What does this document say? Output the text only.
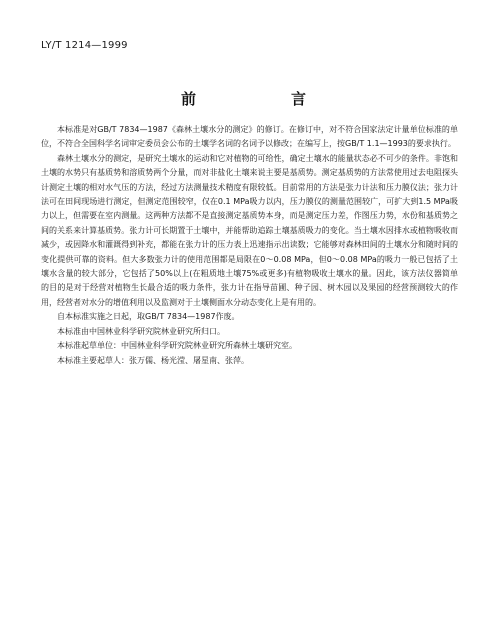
LY/T 1214—1999
前　言

本标准是对GB/T 7834—1987《森林土壤水分的测定》的修订。在修订中，对不符合国家法定计量单位标准的单位，不符合全国科学名词审定委员会公布的土壤学名词的名词予以修改；在编写上，按GB/T 1.1—1993的要求执行。

森林土壤水分的测定，是研究土壤水的运动和它对植物的可给性，确定土壤水的能量状态必不可少的条件。非饱和土壤的水势只有基质势和溶质势两个分量，而对非盐化土壤来说主要是基质势。测定基质势的方法常使用过去电阻探头计测定土壤的相对水气压的方法，经过方法测量技术精度有限较低。目前常用的方法是张力计法和压力膜仪法；张力计法可在田间现场进行测定，但测定范围较窄，仅在0.1 MPa吸力以内，压力膜仪的测量范围较广，可扩大到1.5 MPa吸力以上，但需要在室内测量。这两种方法都不是直接测定基质势本身，而是测定压力差，作图压力势，水份和基质势之间的关系来计算基质势。张力计可长期置于土壤中，并能帮助追踪土壤基质吸力的变化。当土壤水因排水或植物吸收而减少，或因降水和灌溉得到补充，都能在张力计的压力表上迅速指示出读数；它能够对森林田间的土壤水分和随时间的变化提供可靠的资料。但大多数张力计的使用范围都是局限在0～0.08 MPa，但0～0.08 MPa的吸力一般已包括了土壤水含量的较大部分，它包括了50%以上(在粗质地土壤75%或更多)有植物吸收土壤水的量。因此，该方法仪器简单的目的是对于经营对植物生长最合适的吸力条件，张力计在指导苗圃、种子园、树木园以及果园的经营预测较大的作用，经营者对水分的增值利用以及监测对于土壤侧面水分动态变化上是有用的。

自本标准实施之日起，取GB/T 7834—1987作废。

本标准由中国林业科学研究院林业研究所归口。

本标准起草单位：中国林业科学研究院林业研究所森林土壤研究室。

本标准主要起草人：张万儒、杨光滢、屠星南、张萍。
